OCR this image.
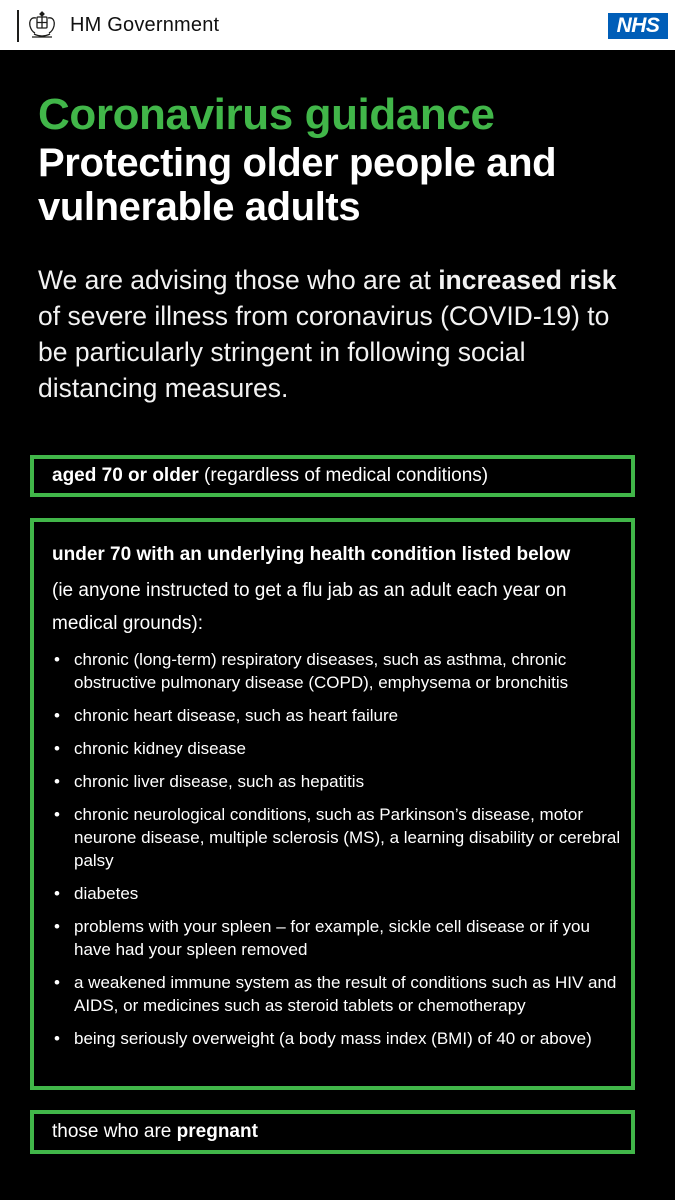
HM Government	NHS
Coronavirus guidance
Protecting older people and
vulnerable adults
We are advising those who are at increased risk of severe illness from coronavirus (COVID-19) to be particularly stringent in following social distancing measures.
aged 70 or older (regardless of medical conditions)
under 70 with an underlying health condition listed below
(ie anyone instructed to get a flu jab as an adult each year on medical grounds):
• chronic (long-term) respiratory diseases, such as asthma, chronic obstructive pulmonary disease (COPD), emphysema or bronchitis
• chronic heart disease, such as heart failure
• chronic kidney disease
• chronic liver disease, such as hepatitis
• chronic neurological conditions, such as Parkinson’s disease, motor neurone disease, multiple sclerosis (MS), a learning disability or cerebral palsy
• diabetes
• problems with your spleen – for example, sickle cell disease or if you have had your spleen removed
• a weakened immune system as the result of conditions such as HIV and AIDS, or medicines such as steroid tablets or chemotherapy
• being seriously overweight (a body mass index (BMI) of 40 or above)
those who are pregnant
